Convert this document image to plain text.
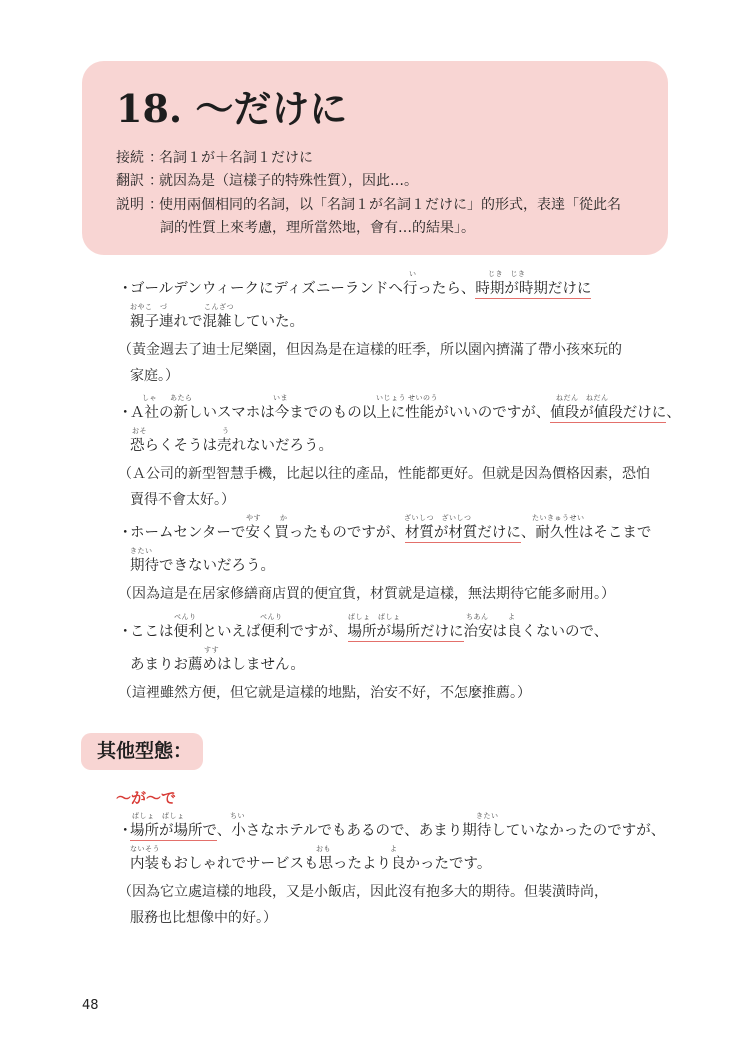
18. ～だけに
接続 ：名詞１が＋名詞１だけに
翻訳 ：就因為是（這樣子的特殊性質），因此…。
説明 ：使用兩個相同的名詞，以「名詞１が名詞１だけに」的形式，表達「從此名
詞的性質上來考慮，理所當然地，會有…的結果」。
い	じき　じき
・ゴールデンウィークにディズニーランドへ行ったら、時期が時期だけに
おやこ　づ	こんざつ
親子連れで混雑していた。
（黃金週去了迪士尼樂園，但因為是在這樣的旺季，所以園內擠滿了帶小孩來玩的
家庭。）
しゃ あたら	いま	いじょう せいのう	ねだん　ねだん
・Ａ社の新しいスマホは今までのもの以上に性能がいいのですが、値段が値段だけに、
おそ	う
恐らくそうは売れないだろう。
（Ａ公司的新型智慧手機，比起以往的產品，性能都更好。但就是因為價格因素，恐怕
賣得不會太好。）
やす	か	ざいしつ　ざいしつ	たいきゅうせい
・ホームセンターで安く買ったものですが、材質が材質だけに、耐久性はそこまで
きたい
期待できないだろう。
（因為這是在居家修繕商店買的便宜貨，材質就是這樣，無法期待它能多耐用。）
べんり	べんり	ばしょ　ばしょ	ちあん	よ
・ここは便利といえば便利ですが、場所が場所だけに治安は良くないので、
すす
あまりお薦めはしません。
（這裡雖然方便，但它就是這樣的地點，治安不好，不怎麼推薦。）
其他型態：
～が～で
ばしょ　ばしょ	ちい	きたい
・場所が場所で、小さなホテルでもあるので、あまり期待していなかったのですが、
ないそう	おも	よ
内装もおしゃれでサービスも思ったより良かったです。
（因為它立處這樣的地段，又是小飯店，因此沒有抱多大的期待。但裝潢時尚，
服務也比想像中的好。）
48
